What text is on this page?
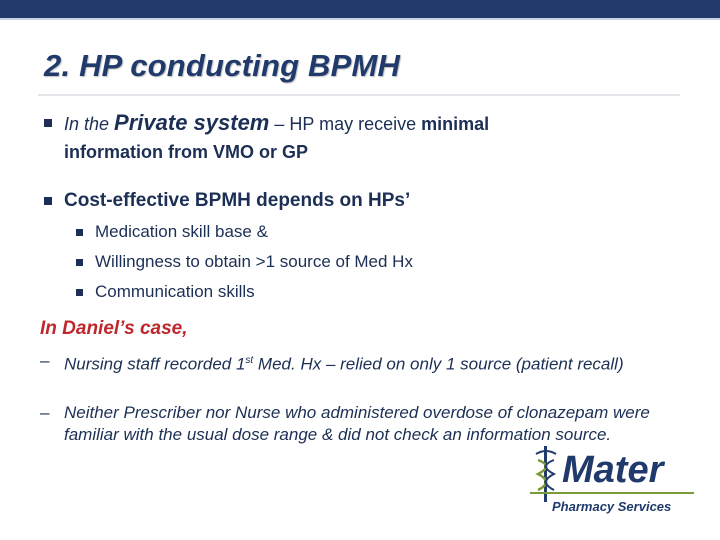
2. HP conducting BPMH
In the Private system – HP may receive minimal
information from VMO or GP
Cost-effective BPMH depends on HPs’
Medication skill base &
Willingness to obtain >1 source of Med Hx
Communication skills
In Daniel’s case,
– Nursing staff recorded 1st Med. Hx – relied on only 1 source (patient recall)
– Neither Prescriber nor Nurse who administered overdose of clonazepam were familiar with the usual dose range & did not check an information source.
Mater
Pharmacy Services
